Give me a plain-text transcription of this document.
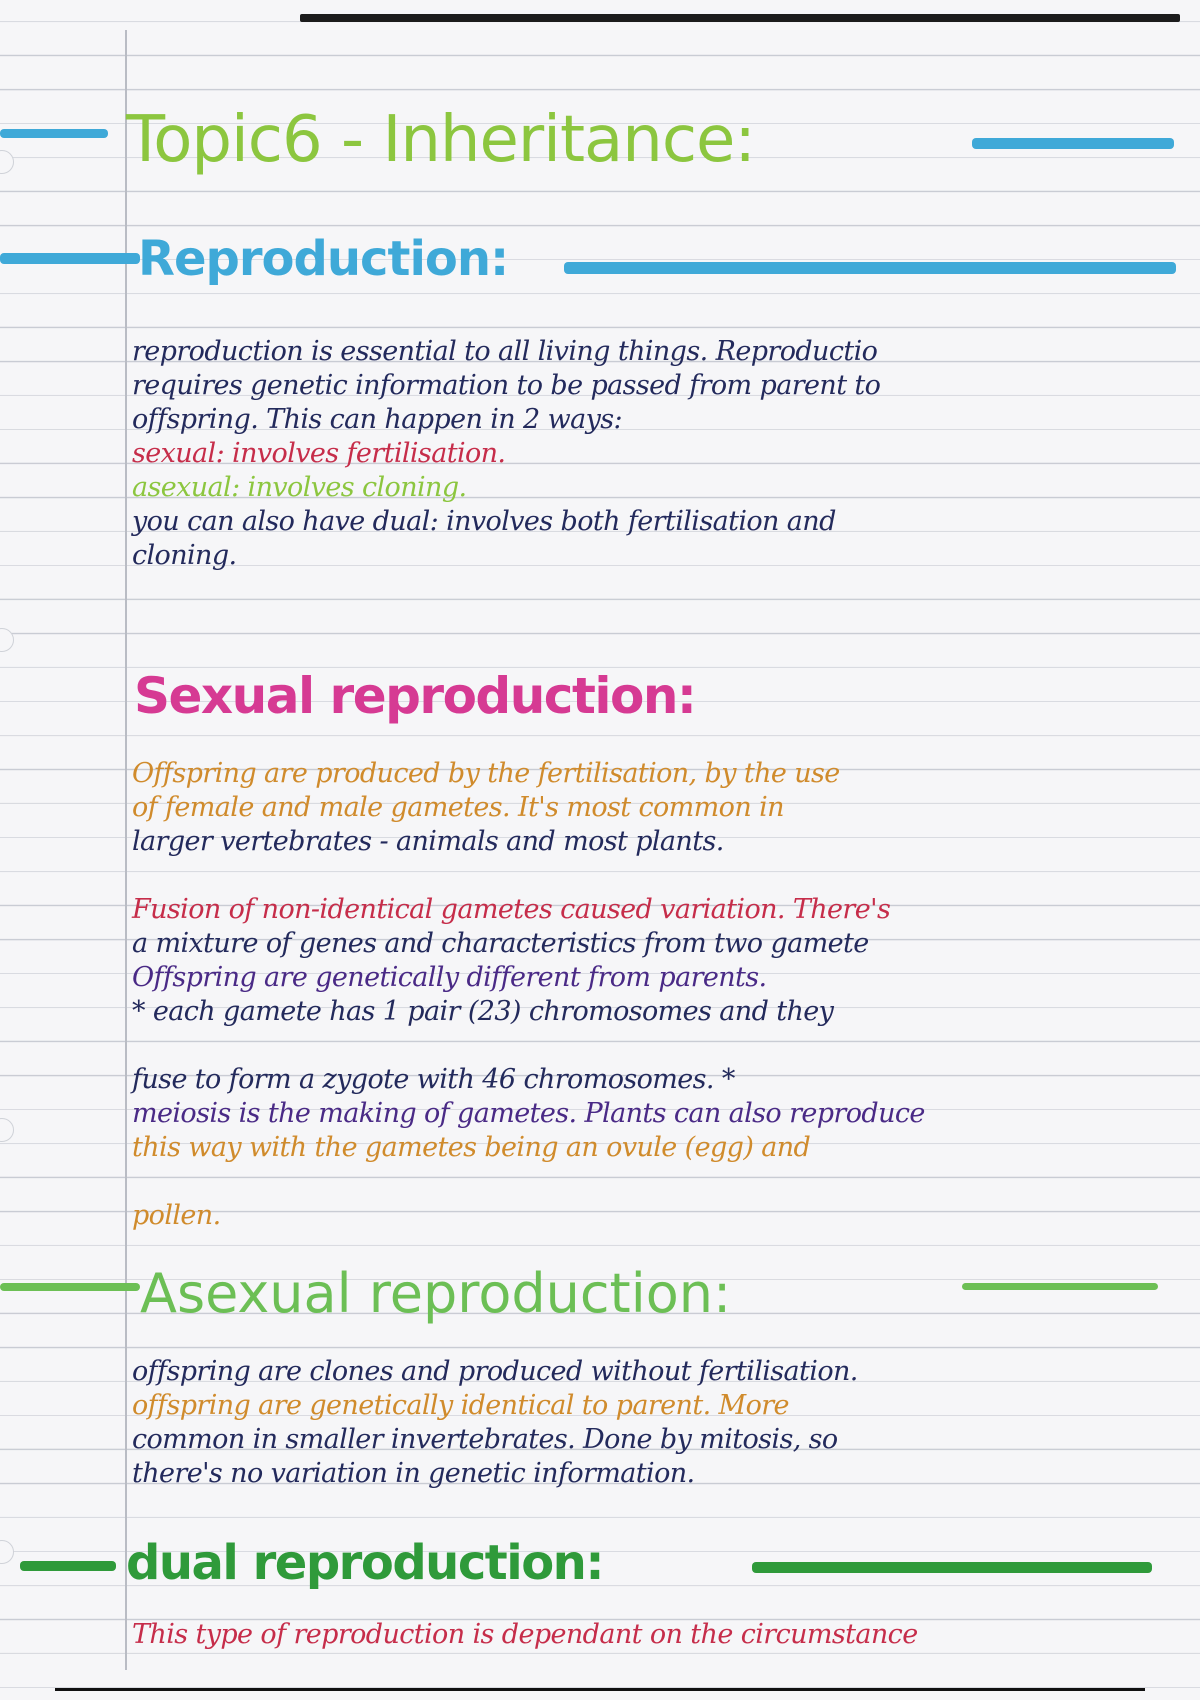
Topic6 - Inheritance:
Reproduction:

reproduction is essential to all living things. Reproductio

requires genetic information to be passed from parent to

offspring. This can happen in 2 ways:

sexual: involves fertilisation.

asexual: involves cloning.

you can also have dual: involves both fertilisation and

cloning.

Sexual reproduction:

Offspring are produced by the fertilisation, by the use

of female and male gametes. It's most common in

larger vertebrates - animals and most plants.

Fusion of non-identical gametes caused variation. There's

a mixture of genes and characteristics from two gamete

Offspring are genetically different from parents.

* each gamete has 1 pair (23) chromosomes and they

fuse to form a zygote with 46 chromosomes. *

meiosis is the making of gametes. Plants can also reproduce

this way with the gametes being an ovule (egg) and

pollen.

Asexual reproduction:

offspring are clones and produced without fertilisation.

offspring are genetically identical to parent. More

common in smaller invertebrates. Done by mitosis, so

there's no variation in genetic information.

dual reproduction:

This type of reproduction is dependant on the circumstance
